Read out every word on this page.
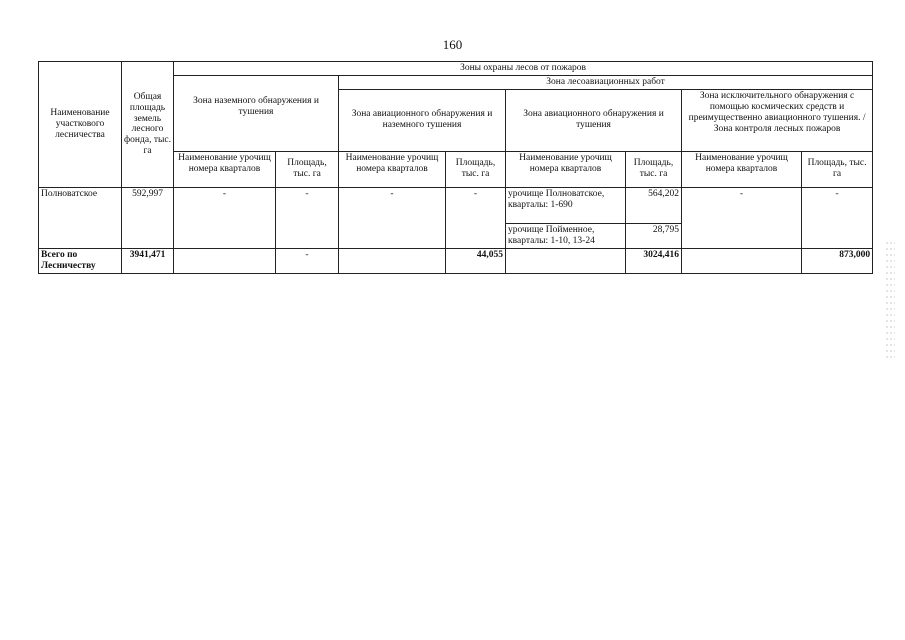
160
Наименование участкового лесничества	Общая площадь земель лесного фонда, тыс. га	Зоны охраны лесов от пожаров							
		Зона наземного обнаружения и тушения		Зона лесоавиационных работ					
				Зона авиационного обнаружения и наземного тушения		Зона авиационного обнаружения и тушения		Зона исключительного обнаружения с помощью космических средств и преимущественно авиационного тушения. / Зона контроля лесных пожаров	
		Наименование урочищ номера кварталов	Площадь, тыс. га	Наименование урочищ номера кварталов	Площадь, тыс. га	Наименование урочищ номера кварталов	Площадь, тыс. га	Наименование урочищ номера кварталов	Площадь, тыс. га
Полноватское	592,997	-	-	-	-	урочище Полноватское, кварталы: 1-690	564,202	-	-
						урочище Пойменное, кварталы: 1-10, 13-24	28,795		
Всего по Лесничеству	3941,471		-		44,055		3024,416		873,000
